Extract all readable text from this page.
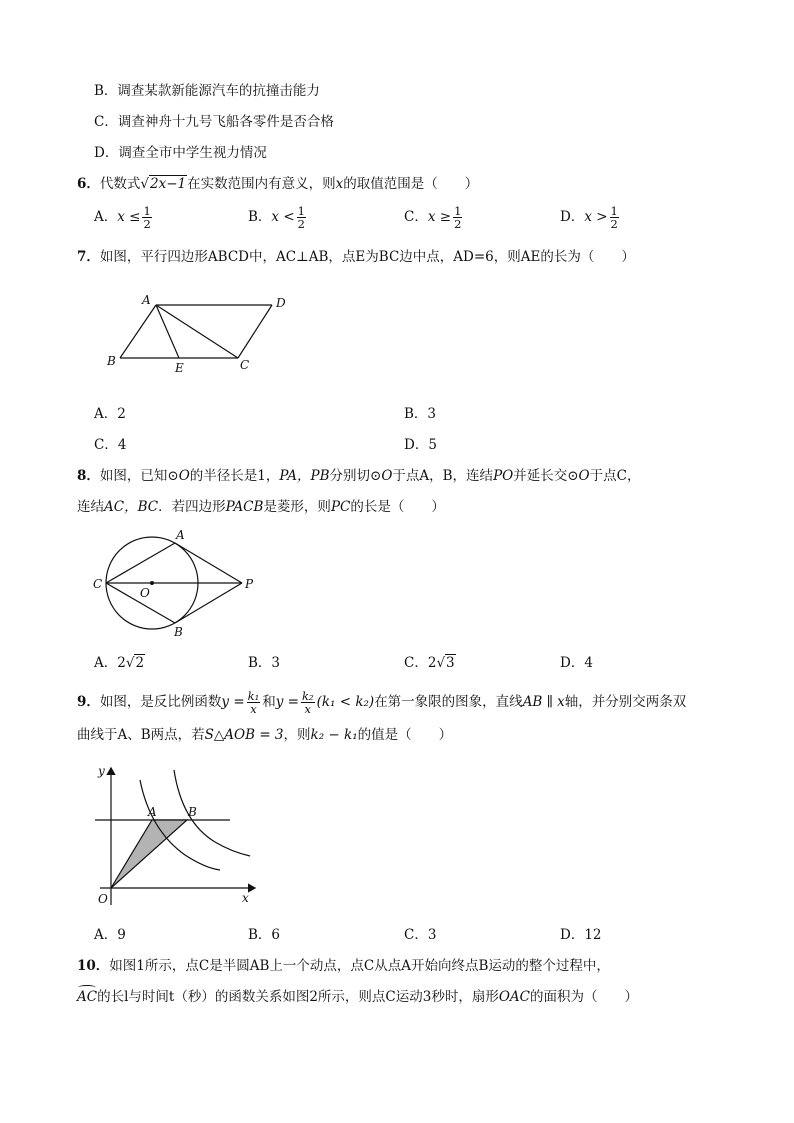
B．调查某款新能源汽车的抗撞击能力
C．调查神舟十九号飞船各零件是否合格
D．调查全市中学生视力情况
6．代数式√2x−1在实数范围内有意义，则x的取值范围是（　　）
A．$x \le \frac{1}{2}$	B．$x < \frac{1}{2}$	C．$x \ge \frac{1}{2}$	D．$x > \frac{1}{2}$
7．如图，平行四边形ABCD中，AC⊥AB，点E为BC边中点，AD=6，则AE的长为（　　）
A	D
B	E	C
A．2	B．3
C．4	D．5
8．如图，已知⊙O的半径长是1，PA，PB分别切⊙O于点A，B，连结PO并延长交⊙O于点C，
连结AC，BC．若四边形PACB是菱形，则PC的长是（　　）
A
C
O
P
B
A．2√2	B．3	C．2√3	D．4
9．如图，是反比例函数$y = \frac{\text{k₁}}{x}$ 和$y = \frac{\text{k₂}}{x} (k_1 < k_2)$在第一象限的图象，直线AB ∥ x轴，并分别交两条双
曲线于A、B两点，若S△AOB = 3，则k₂ − k₁的值是（　　）
y
A	B
O	x
A．9	B．6	C．3	D．12
10．如图1所示，点C是半圆AB上一个动点，点C从点A开始向终点B运动的整个过程中，
AC的长l与时间t（秒）的函数关系如图2所示，则点C运动3秒时，扇形OAC的面积为（　　）
